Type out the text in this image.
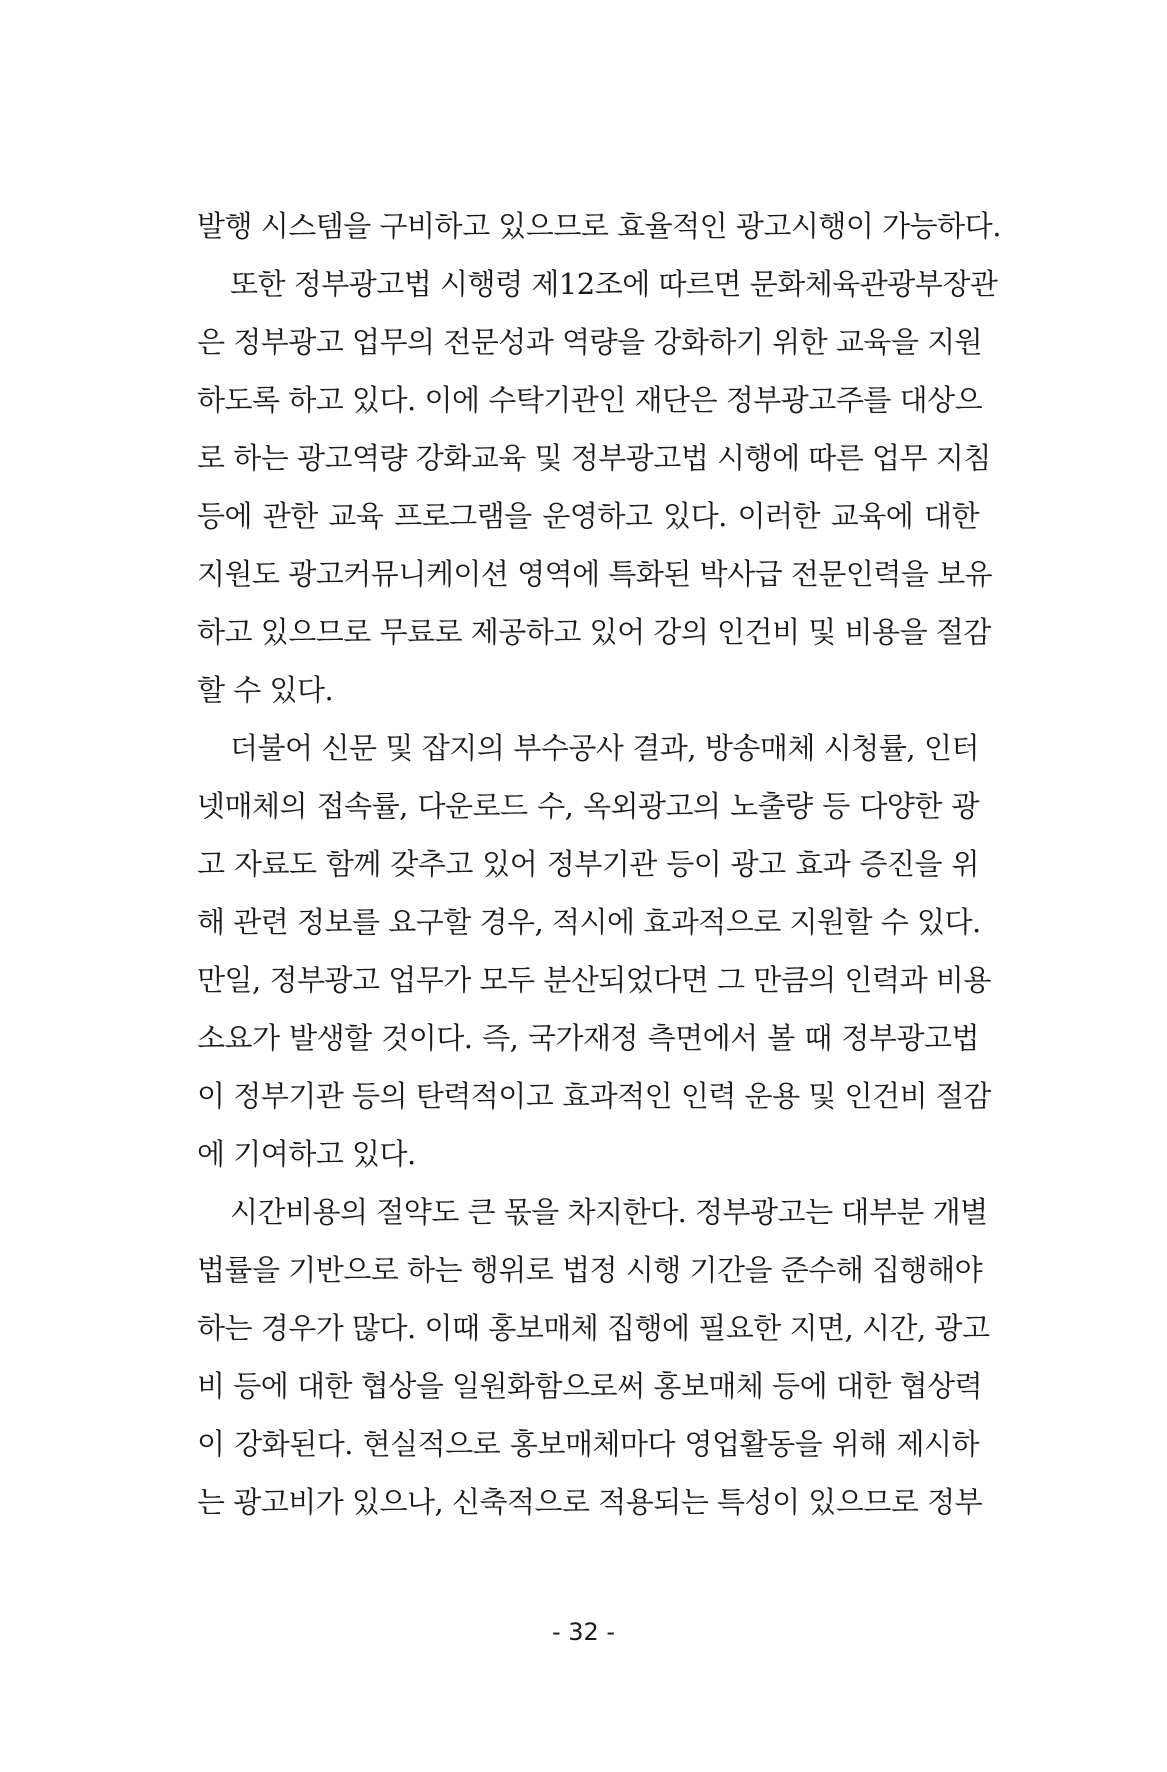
발행 시스템을 구비하고 있으므로 효율적인 광고시행이 가능하다.
또한 정부광고법 시행령 제12조에 따르면 문화체육관광부장관
은 정부광고 업무의 전문성과 역량을 강화하기 위한 교육을 지원
하도록 하고 있다. 이에 수탁기관인 재단은 정부광고주를 대상으
로 하는 광고역량 강화교육 및 정부광고법 시행에 따른 업무 지침
등에 관한 교육 프로그램을 운영하고 있다. 이러한 교육에 대한
지원도 광고커뮤니케이션 영역에 특화된 박사급 전문인력을 보유
하고 있으므로 무료로 제공하고 있어 강의 인건비 및 비용을 절감
할 수 있다.
더불어 신문 및 잡지의 부수공사 결과, 방송매체 시청률, 인터
넷매체의 접속률, 다운로드 수, 옥외광고의 노출량 등 다양한 광
고 자료도 함께 갖추고 있어 정부기관 등이 광고 효과 증진을 위
해 관련 정보를 요구할 경우, 적시에 효과적으로 지원할 수 있다.
만일, 정부광고 업무가 모두 분산되었다면 그 만큼의 인력과 비용
소요가 발생할 것이다. 즉, 국가재정 측면에서 볼 때 정부광고법
이 정부기관 등의 탄력적이고 효과적인 인력 운용 및 인건비 절감
에 기여하고 있다.
시간비용의 절약도 큰 몫을 차지한다. 정부광고는 대부분 개별
법률을 기반으로 하는 행위로 법정 시행 기간을 준수해 집행해야
하는 경우가 많다. 이때 홍보매체 집행에 필요한 지면, 시간, 광고
비 등에 대한 협상을 일원화함으로써 홍보매체 등에 대한 협상력
이 강화된다. 현실적으로 홍보매체마다 영업활동을 위해 제시하
는 광고비가 있으나, 신축적으로 적용되는 특성이 있으므로 정부
- 32 -
